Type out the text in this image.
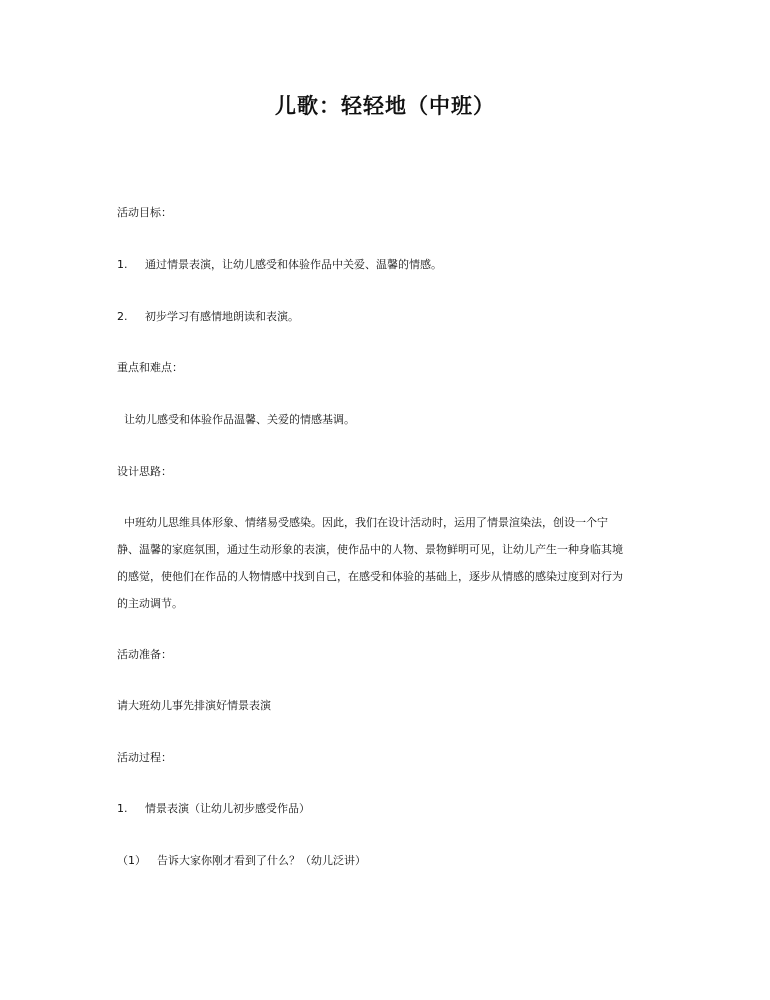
儿歌：轻轻地（中班）
活动目标：
1. 通过情景表演，让幼儿感受和体验作品中关爱、温馨的情感。
2. 初步学习有感情地朗读和表演。
重点和难点：
让幼儿感受和体验作品温馨、关爱的情感基调。
设计思路：
中班幼儿思维具体形象、情绪易受感染。因此，我们在设计活动时，运用了情景渲染法，创设一个宁
静、温馨的家庭氛围，通过生动形象的表演，使作品中的人物、景物鲜明可见，让幼儿产生一种身临其境
的感觉，使他们在作品的人物情感中找到自己，在感受和体验的基础上，逐步从情感的感染过度到对行为
的主动调节。
活动准备：
请大班幼儿事先排演好情景表演
活动过程：
1. 情景表演（让幼儿初步感受作品）
（1） 告诉大家你刚才看到了什么？（幼儿泛讲）
